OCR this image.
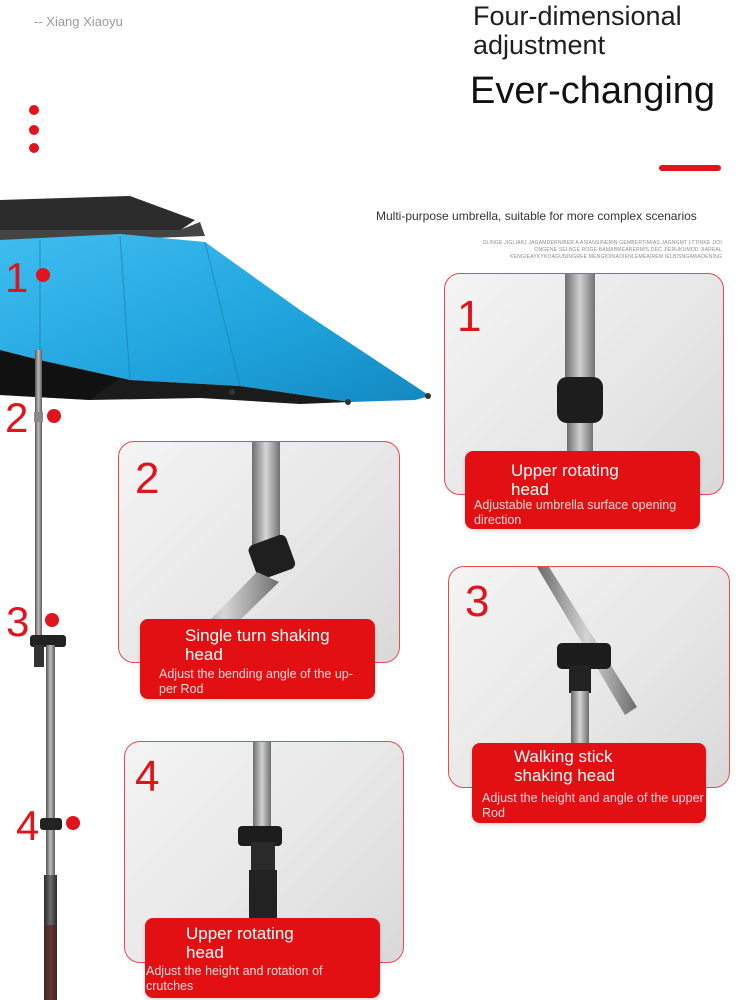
-- Xiang Xiaoyu	Four-dimensional
adjustment
Ever-changing
Multi-purpose umbrella, suitable for more complex scenarios
OLINGE JIGLIAKJ JAGAMDERNIBER A ASIANSINERIN GEMBERTIMIAS JAGNGMT LTTINKE JIOI
ONGENE SELBGE ROGE BAMABMEARERMIS DEC JIERUKUMOD JIAREAL
KENGIEAYKYKOAGUNINGREE MENGIOINADIENLEMEAIREM IELBISNGAWAOENING
1
2
3
4
1
Upper rotating
head
Adjustable umbrella surface opening
direction
2
Single turn shaking
head
Adjust the bending angle of the up-
per Rod
3
Walking stick
shaking head
Adjust the height and angle of the upper
Rod
4
Upper rotating
head
Adjust the height and rotation of
crutches
